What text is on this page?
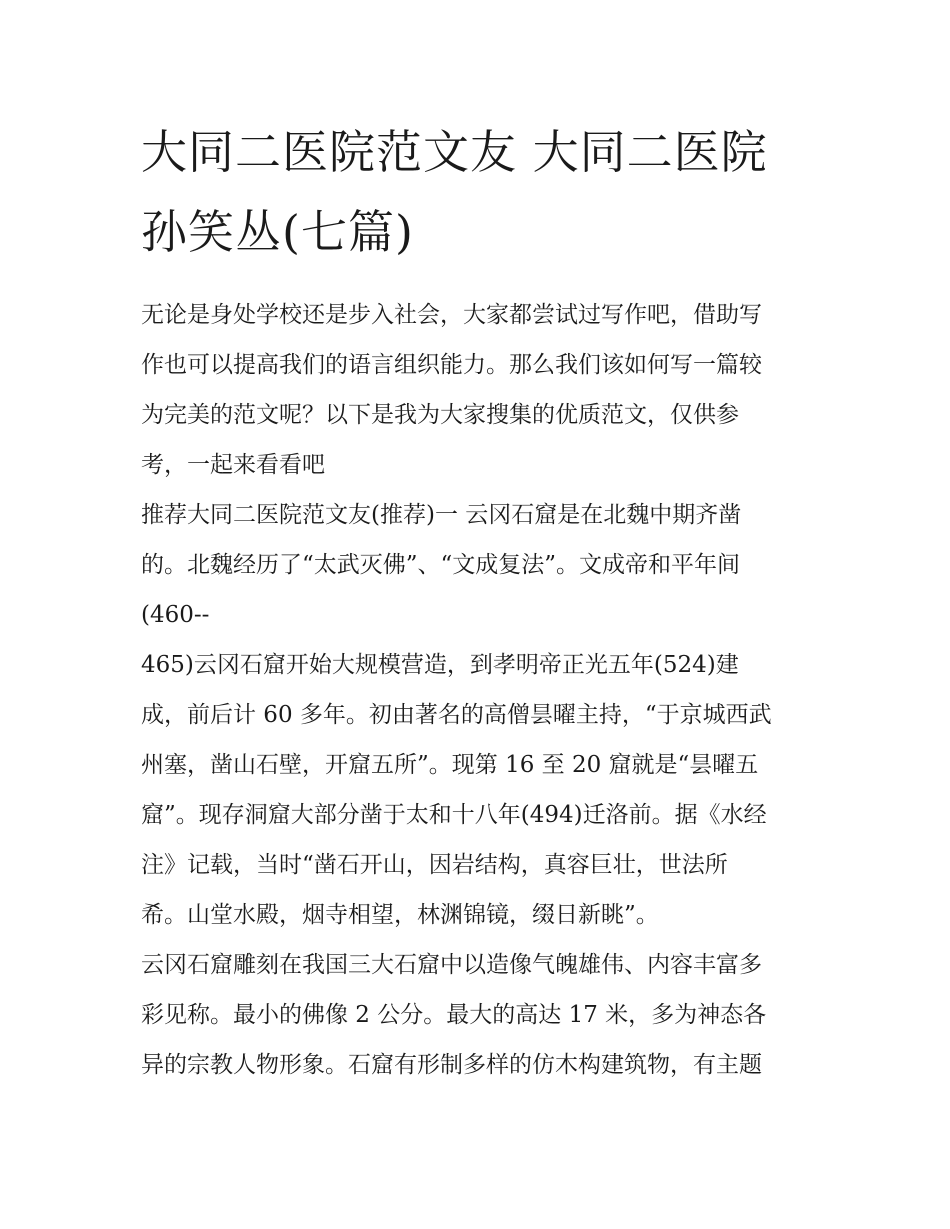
大同二医院范文友 大同二医院
孙笑丛(七篇)

无论是身处学校还是步入社会，大家都尝试过写作吧，借助写
作也可以提高我们的语言组织能力。那么我们该如何写一篇较
为完美的范文呢？以下是我为大家搜集的优质范文，仅供参
考，一起来看看吧

推荐大同二医院范文友(推荐)一 云冈石窟是在北魏中期齐凿
的。北魏经历了“太武灭佛”、“文成复法”。文成帝和平年间
(460--
465)云冈石窟开始大规模营造，到孝明帝正光五年(524)建
成，前后计 60 多年。初由著名的高僧昙曜主持，“于京城西武
州塞，凿山石壁，开窟五所”。现第 16 至 20 窟就是“昙曜五
窟”。现存洞窟大部分凿于太和十八年(494)迁洛前。据《水经
注》记载，当时“凿石开山，因岩结构，真容巨壮，世法所
希。山堂水殿，烟寺相望，林渊锦镜，缀日新眺”。

云冈石窟雕刻在我国三大石窟中以造像气魄雄伟、内容丰富多
彩见称。最小的佛像 2 公分。最大的高达 17 米，多为神态各
异的宗教人物形象。石窟有形制多样的仿木构建筑物，有主题
